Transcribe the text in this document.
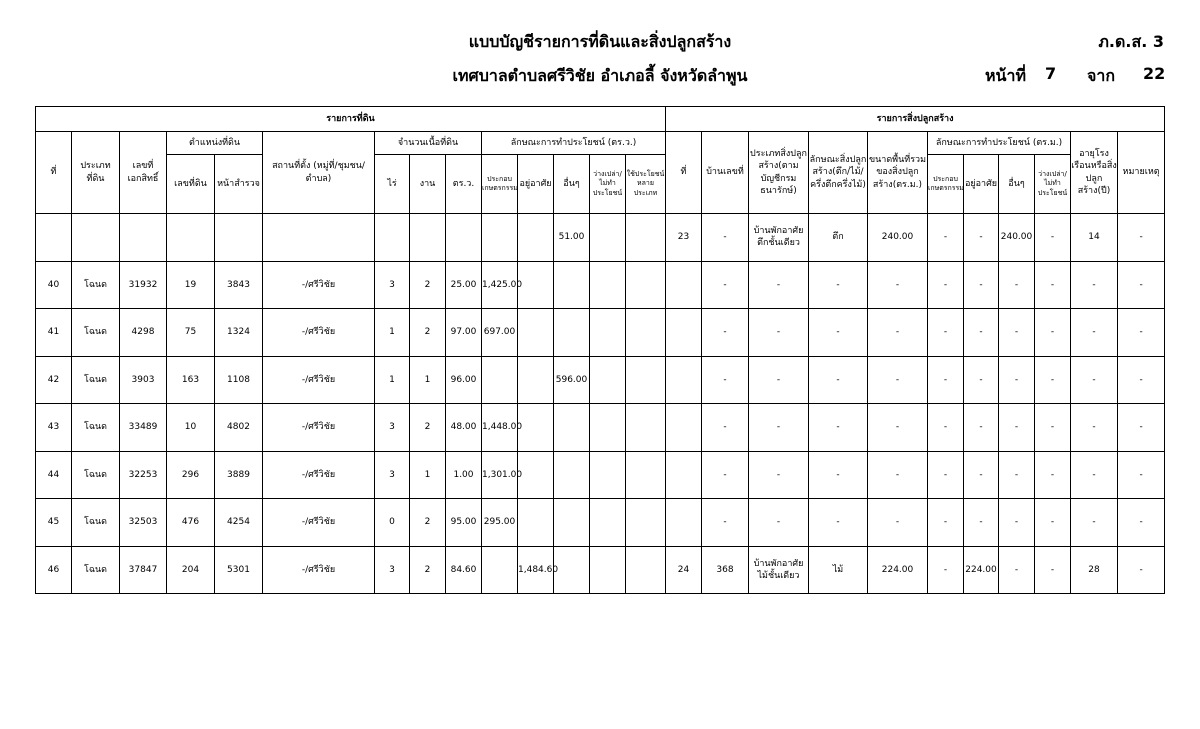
แบบบัญชีรายการที่ดินและสิ่งปลูกสร้าง	ภ.ด.ส. 3
เทศบาลตำบลศรีวิชัย อำเภอลี้ จังหวัดลำพูน	หน้าที่ 7 จาก 22
รายการที่ดิน														รายการสิ่งปลูกสร้าง										
ที่	ประเภทที่ดิน	เลขที่เอกสิทธิ์	ตำแหน่งที่ดิน		สถานที่ตั้ง (หมู่ที่/ชุมชน/ตำบล)	จำนวนเนื้อที่ดิน			ลักษณะการทำประโยชน์ (ตร.ว.)					ที่	บ้านเลขที่	ประเภทสิ่งปลูกสร้าง(ตามบัญชีกรมธนารักษ์)	ลักษณะสิ่งปลูกสร้าง(ตึก/ไม้/ครึ่งตึกครึ่งไม้)	ขนาดพื้นที่รวมของสิ่งปลูกสร้าง(ตร.ม.)	ลักษณะการทำประโยชน์ (ตร.ม.)				อายุโรงเรือนหรือสิ่งปลูกสร้าง(ปี)	หมายเหตุ
			เลขที่ดิน	หน้าสำรวจ		ไร่	งาน	ตร.ว.	ประกอบเกษตรกรรม	อยู่อาศัย	อื่นๆ	ว่างเปล่า/ไม่ทำประโยชน์	ใช้ประโยชน์หลายประเภท						ประกอบเกษตรกรรม	อยู่อาศัย	อื่นๆ	ว่างเปล่า/ไม่ทำประโยชน์		
											51.00			23	-	บ้านพักอาศัยตึกชั้นเดียว	ตึก	240.00	-	-	240.00	-	14	-
40	โฉนด	31932	19	3843	-/ศรีวิชัย	3	2	25.00	1,425.00						-	-	-	-	-	-	-	-	-	-
41	โฉนด	4298	75	1324	-/ศรีวิชัย	1	2	97.00	697.00						-	-	-	-	-	-	-	-	-	-
42	โฉนด	3903	163	1108	-/ศรีวิชัย	1	1	96.00			596.00				-	-	-	-	-	-	-	-	-	-
43	โฉนด	33489	10	4802	-/ศรีวิชัย	3	2	48.00	1,448.00						-	-	-	-	-	-	-	-	-	-
44	โฉนด	32253	296	3889	-/ศรีวิชัย	3	1	1.00	1,301.00						-	-	-	-	-	-	-	-	-	-
45	โฉนด	32503	476	4254	-/ศรีวิชัย	0	2	95.00	295.00						-	-	-	-	-	-	-	-	-	-
46	โฉนด	37847	204	5301	-/ศรีวิชัย	3	2	84.60		1,484.60				24	368	บ้านพักอาศัยไม้ชั้นเดียว	ไม้	224.00	-	224.00	-	-	28	-
